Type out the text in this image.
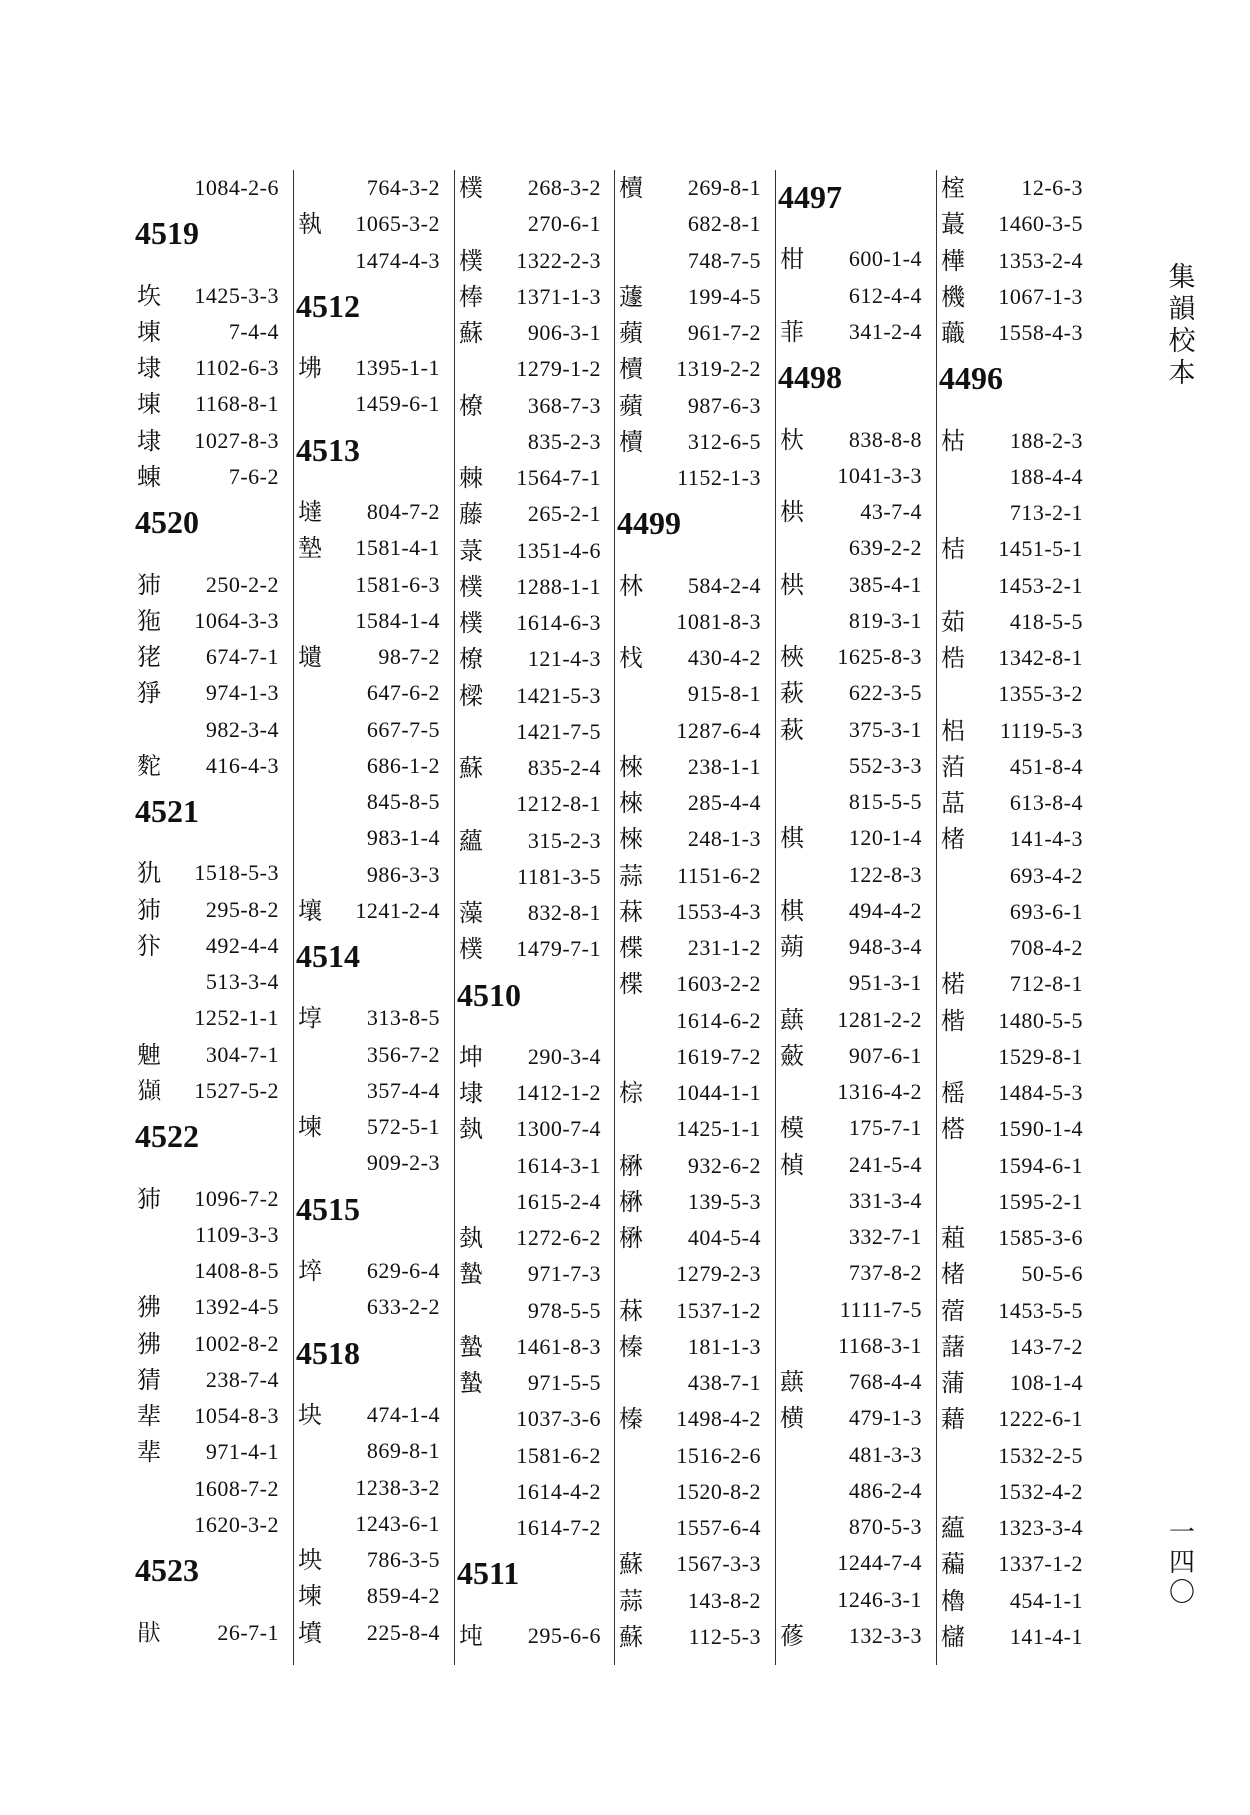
集韻校本
一四〇
1084-2-6
4519
垁 1425-3-3
埬	7-4-4
埭 1102-6-3
埬 1168-8-1
埭 1027-8-3
蝀	7-6-2
4520
犻 250-2-2
狏 1064-3-3
狫 674-7-1
猙 974-1-3
982-3-4
䴱 416-4-3
4521
犰 1518-5-3
犻 295-8-2
犿 492-4-4
513-3-4
1252-1-1
䰠 304-7-1
𤢺 1527-5-2
4522
犻 1096-7-2
1109-3-3
1408-8-5
狒 1392-4-5
狒 1002-8-2
猜 238-7-4
㹃 1054-8-3
㹃 971-4-1
1608-7-2
1620-3-2
4523
𤞣	26-7-1
764-3-2
執 1065-3-2
1474-4-3
4512
坲 1395-1-1
1459-6-1
4513
墶 804-7-2
墊 1581-4-1
1581-6-3
1584-1-4
壝	98-7-2
647-6-2
667-7-5
686-1-2
845-8-5
983-1-4
986-3-3
壤 1241-2-4
4514
埻 313-8-5
356-7-2
357-4-4
堜 572-5-1
909-2-3
4515
埣 629-6-4
633-2-2
4518
块 474-1-4
869-8-1
1238-3-2
1243-6-1
坱 786-3-5
堜 859-4-2
墳 225-8-4
樸 268-3-2
270-6-1
樸 1322-2-3
棒 1371-1-3
蘇 906-3-1
1279-1-2
橑 368-7-3
835-2-3
棘 1564-7-1
藤 265-2-1
菉 1351-4-6
樸 1288-1-1
樸 1614-6-3
橑 121-4-3
樑 1421-5-3
1421-7-5
蘇 835-2-4
1212-8-1
蘊 315-2-3
1181-3-5
藻 832-8-1
樸 1479-7-1
4510
坤 290-3-4
埭 1412-1-2
埶 1300-7-4
1614-3-1
1615-2-4
埶 1272-6-2
蟄 971-7-3
978-5-5
蟄 1461-8-3
蟄 971-5-5
1037-3-6
1581-6-2
1614-4-2
1614-7-2
4511
坉 295-6-6
櫝 269-8-1
682-8-1
748-7-5
蘧 199-4-5
蘋 961-7-2
櫝 1319-2-2
蘋 987-6-3
櫝 312-6-5
1152-1-3
4499
林 584-2-4
1081-8-3
𣏾 430-4-2
915-8-1
1287-6-4
棶 238-1-1
棶 285-4-4
棶 248-1-3
蒜 1151-6-2
菻 1553-4-3
楪 231-1-2
楪 1603-2-2
1614-6-2
1619-7-2
棕 1044-1-1
1425-1-1
楙 932-6-2
楙 139-5-3
楙 404-5-4
1279-2-3
菻 1537-1-2
榛 181-1-3
438-7-1
榛 1498-4-2
1516-2-6
1520-8-2
1557-6-4
蘇 1567-3-3
蒜 143-8-2
蘇 112-5-3
4497
柑 600-1-4
612-4-4
菲 341-2-4
4498
杕 838-8-8
1041-3-3
栱	43-7-4
639-2-2
栱 385-4-1
819-3-1
梜 1625-8-3
萩 622-3-5
萩 375-3-1
552-3-3
815-5-5
棋 120-1-4
122-8-3
棋 494-4-2
蒴 948-3-4
951-3-1
蕻 1281-2-2
蘞 907-6-1
1316-4-2
模 175-7-1
楨 241-5-4
331-3-4
332-7-1
737-8-2
1111-7-5
1168-3-1
蕻 768-4-4
横 479-1-3
481-3-3
486-2-4
870-5-3
1244-7-4
1246-3-1
蓚 132-3-3
榁	12-6-3
蕞 1460-3-5
樺 1353-2-4
機 1067-1-3
蘵 1558-4-3
4496
枯 188-2-3
188-4-4
713-2-1
桔 1451-5-1
1453-2-1
茹 418-5-5
梏 1342-8-1
1355-3-2
梠 1119-5-3
萡 451-8-4
䓵 613-8-4
楮 141-4-3
693-4-2
693-6-1
708-4-2
楉 712-8-1
楷 1480-5-5
1529-8-1
榣 1484-5-3
榙 1590-1-4
1594-6-1
1595-2-1
蒩 1585-3-6
楮	50-5-6
蓿 1453-5-5
藷 143-7-2
蒲 108-1-4
藉 1222-6-1
1532-2-5
1532-4-2
藴 1323-3-4
藊 1337-1-2
櫓 454-1-1
櫧 141-4-1
